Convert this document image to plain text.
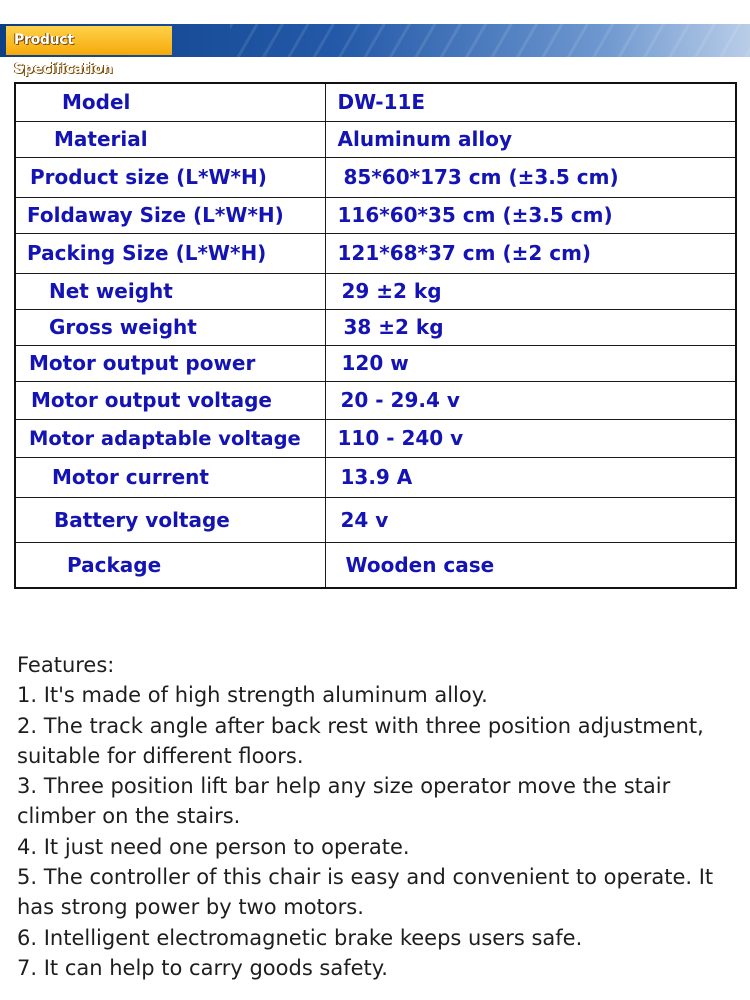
Product Specification
Model	DW-11E
Material	Aluminum alloy
Product size (L*W*H)	85*60*173 cm (±3.5 cm)
Foldaway Size (L*W*H)	116*60*35 cm (±3.5 cm)
Packing Size (L*W*H)	121*68*37 cm (±2 cm)
Net weight	29 ±2 kg
Gross weight	38 ±2 kg
Motor output power	120 w
Motor output voltage	20 - 29.4 v
Motor adaptable voltage	110 - 240 v
Motor current	13.9 A
Battery voltage	24 v
Package	Wooden case
Features:
1. It's made of high strength aluminum alloy.
2. The track angle after back rest with three position adjustment, suitable for different floors.
3. Three position lift bar help any size operator move the stair climber on the stairs.
4. It just need one person to operate.
5. The controller of this chair is easy and convenient to operate. It has strong power by two motors.
6. Intelligent electromagnetic brake keeps users safe.
7. It can help to carry goods safety.
